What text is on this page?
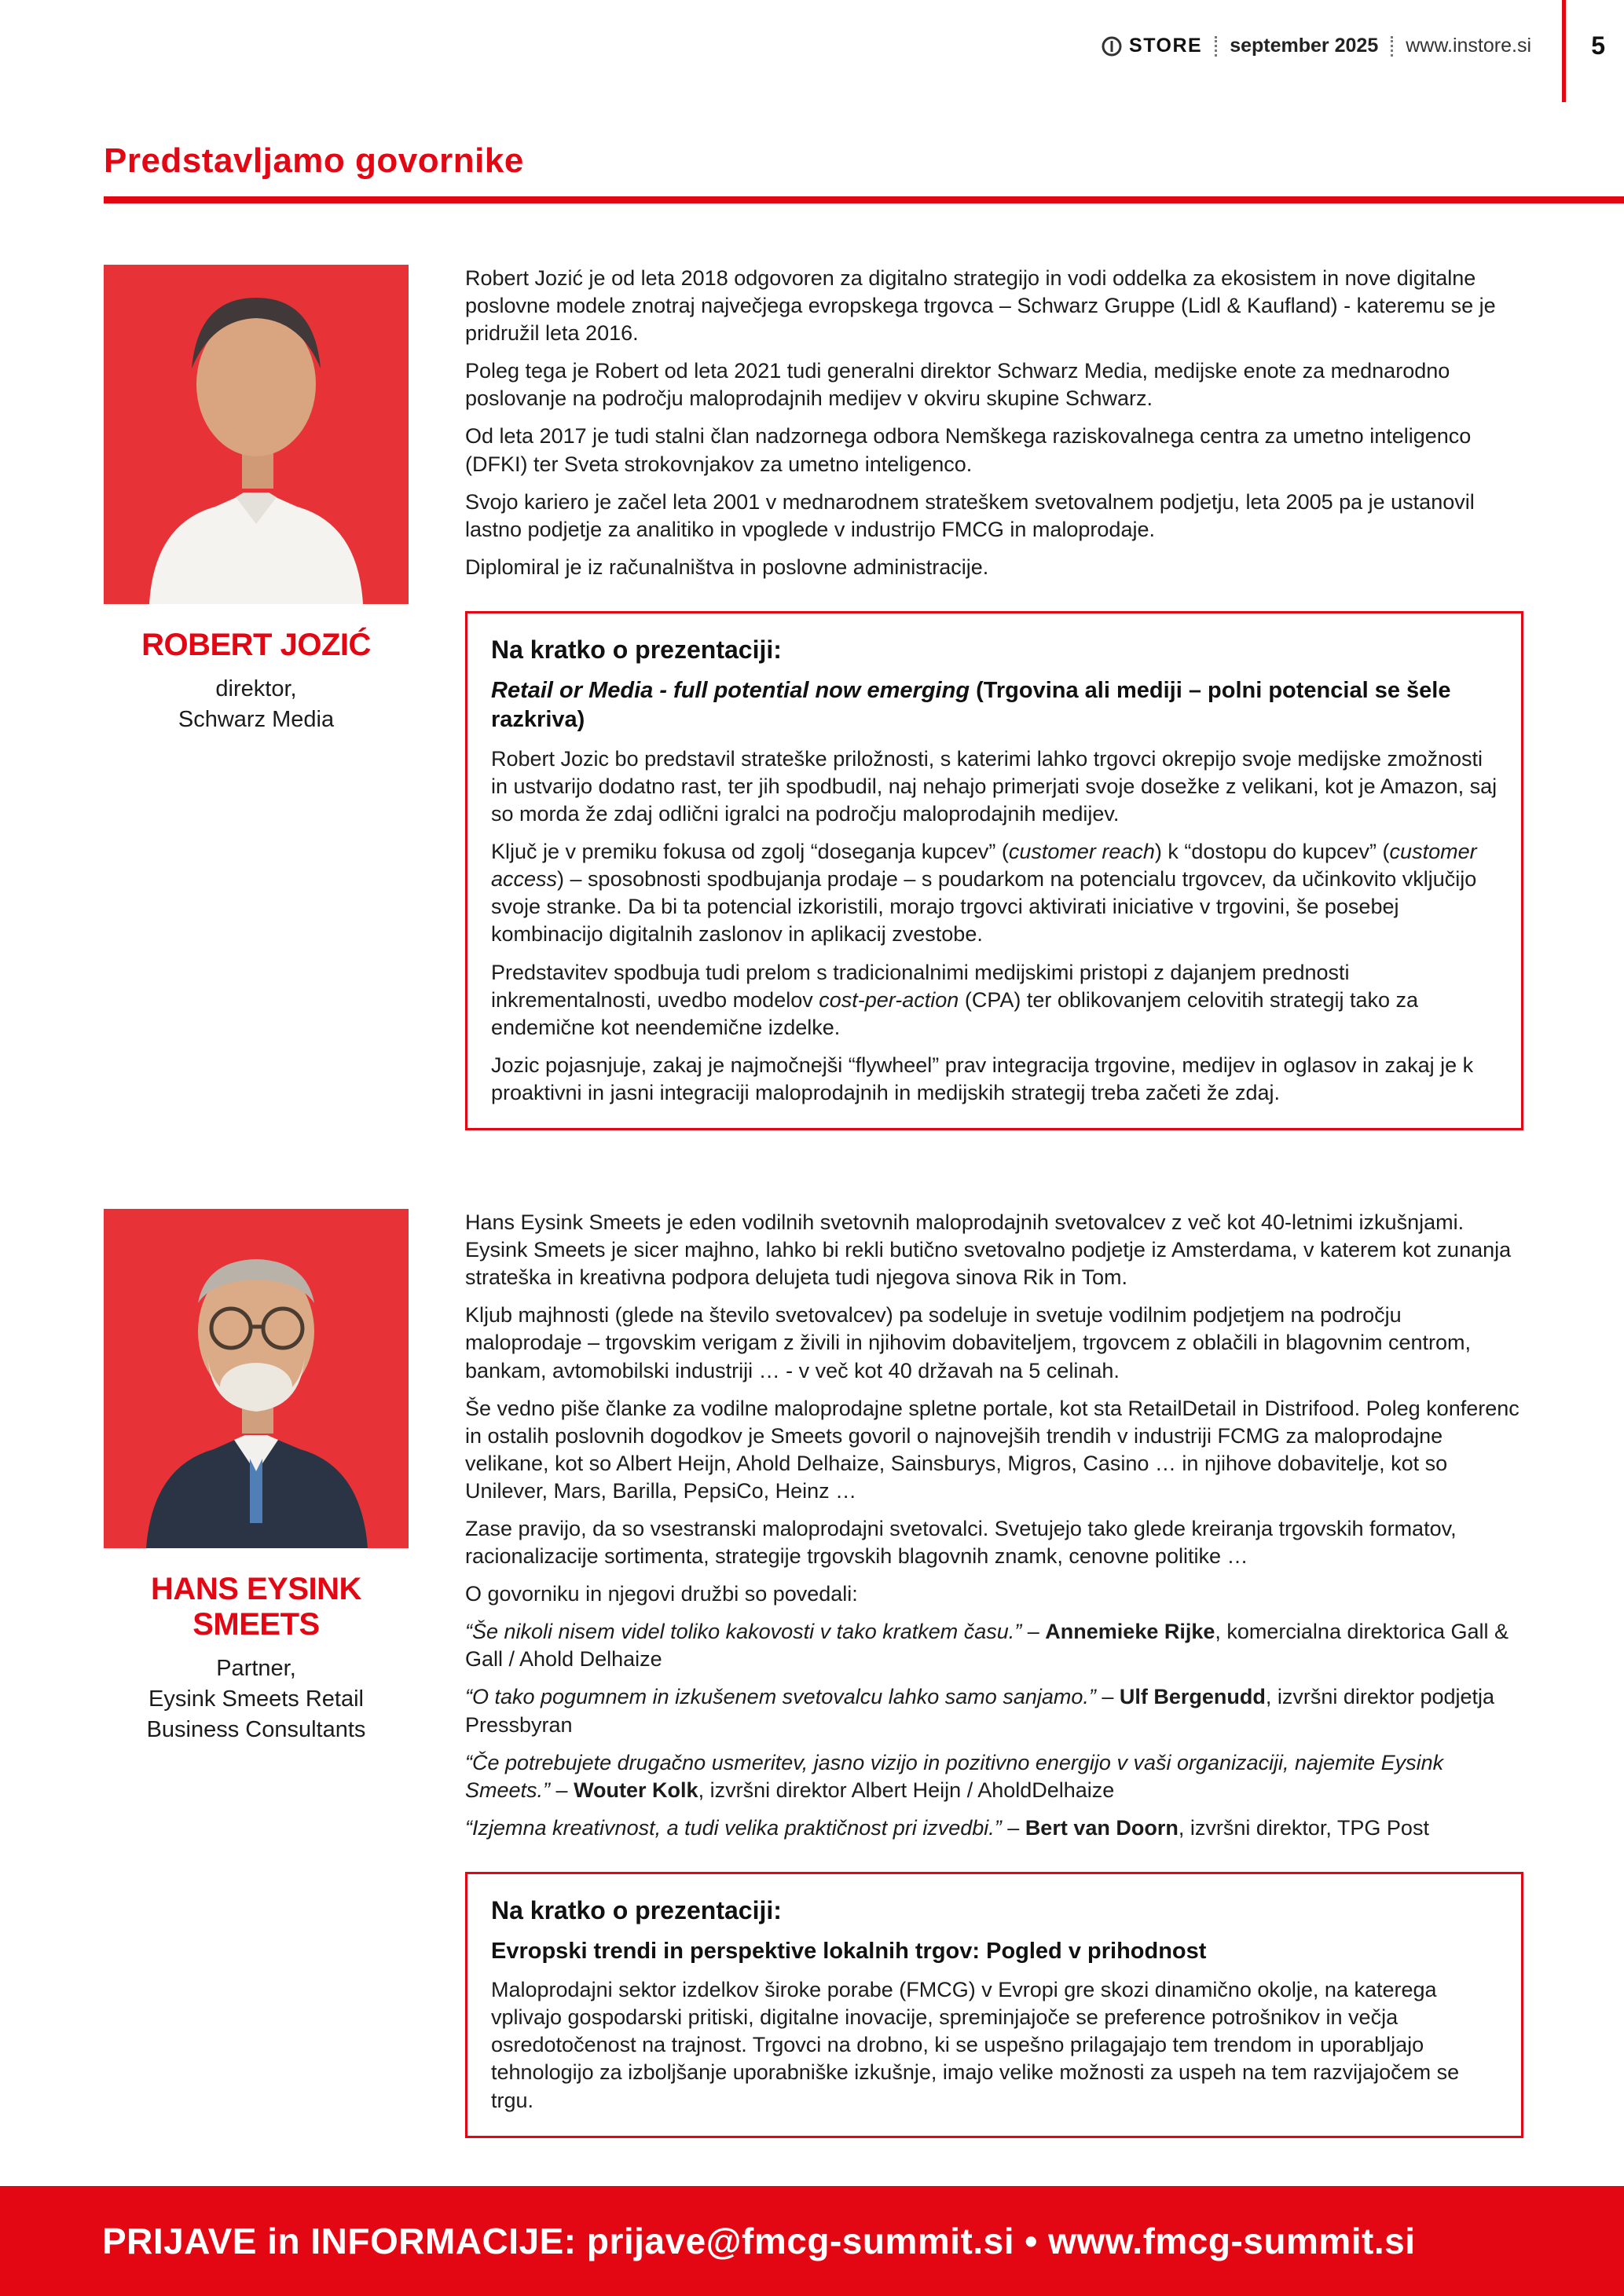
STORE september 2025 www.instore.si 5
Predstavljamo govornike
ROBERT JOZIĆ
direktor,
Schwarz Media

Robert Jozić je od leta 2018 odgovoren za digitalno strategijo in vodi oddelka za ekosistem in nove digitalne poslovne modele znotraj največjega evropskega trgovca – Schwarz Gruppe (Lidl & Kaufland) - kateremu se je pridružil leta 2016.

Poleg tega je Robert od leta 2021 tudi generalni direktor Schwarz Media, medijske enote za mednarodno poslovanje na področju maloprodajnih medijev v okviru skupine Schwarz.

Od leta 2017 je tudi stalni član nadzornega odbora Nemškega raziskovalnega centra za umetno inteligenco (DFKI) ter Sveta strokovnjakov za umetno inteligenco.

Svojo kariero je začel leta 2001 v mednarodnem strateškem svetovalnem podjetju, leta 2005 pa je ustanovil lastno podjetje za analitiko in vpoglede v industrijo FMCG in maloprodaje.

Diplomiral je iz računalništva in poslovne administracije.

Na kratko o prezentaciji:
Retail or Media - full potential now emerging (Trgovina ali mediji – polni potencial se šele razkriva)

Robert Jozic bo predstavil strateške priložnosti, s katerimi lahko trgovci okrepijo svoje medijske zmožnosti in ustvarijo dodatno rast, ter jih spodbudil, naj nehajo primerjati svoje dosežke z velikani, kot je Amazon, saj so morda že zdaj odlični igralci na področju maloprodajnih medijev.

Ključ je v premiku fokusa od zgolj “doseganja kupcev” (customer reach) k “dostopu do kupcev” (customer access) – sposobnosti spodbujanja prodaje – s poudarkom na potencialu trgovcev, da učinkovito vključijo svoje stranke. Da bi ta potencial izkoristili, morajo trgovci aktivirati iniciative v trgovini, še posebej kombinacijo digitalnih zaslonov in aplikacij zvestobe.

Predstavitev spodbuja tudi prelom s tradicionalnimi medijskimi pristopi z dajanjem prednosti inkrementalnosti, uvedbo modelov cost-per-action (CPA) ter oblikovanjem celovitih strategij tako za endemične kot neendemične izdelke.

Jozic pojasnjuje, zakaj je najmočnejši “flywheel” prav integracija trgovine, medijev in oglasov in zakaj je k proaktivni in jasni integraciji maloprodajnih in medijskih strategij treba začeti že zdaj.

HANS EYSINK SMEETS
Partner,
Eysink Smeets Retail Business Consultants

Hans Eysink Smeets je eden vodilnih svetovnih maloprodajnih svetovalcev z več kot 40-letnimi izkušnjami. Eysink Smeets je sicer majhno, lahko bi rekli butično svetovalno podjetje iz Amsterdama, v katerem kot zunanja strateška in kreativna podpora delujeta tudi njegova sinova Rik in Tom.

Kljub majhnosti (glede na število svetovalcev) pa sodeluje in svetuje vodilnim podjetjem na področju maloprodaje – trgovskim verigam z živili in njihovim dobaviteljem, trgovcem z oblačili in blagovnim centrom, bankam, avtomobilski industriji … - v več kot 40 državah na 5 celinah.

Še vedno piše članke za vodilne maloprodajne spletne portale, kot sta RetailDetail in Distrifood. Poleg konferenc in ostalih poslovnih dogodkov je Smeets govoril o najnovejših trendih v industriji FCMG za maloprodajne velikane, kot so Albert Heijn, Ahold Delhaize, Sainsburys, Migros, Casino … in njihove dobavitelje, kot so Unilever, Mars, Barilla, PepsiCo, Heinz …

Zase pravijo, da so vsestranski maloprodajni svetovalci. Svetujejo tako glede kreiranja trgovskih formatov, racionalizacije sortimenta, strategije trgovskih blagovnih znamk, cenovne politike …

O govorniku in njegovi družbi so povedali:

“Še nikoli nisem videl toliko kakovosti v tako kratkem času.” – Annemieke Rijke, komercialna direktorica Gall & Gall / Ahold Delhaize

“O tako pogumnem in izkušenem svetovalcu lahko samo sanjamo.” – Ulf Bergenudd, izvršni direktor podjetja Pressbyran

“Če potrebujete drugačno usmeritev, jasno vizijo in pozitivno energijo v vaši organizaciji, najemite Eysink Smeets.” – Wouter Kolk, izvršni direktor Albert Heijn / AholdDelhaize

“Izjemna kreativnost, a tudi velika praktičnost pri izvedbi.” – Bert van Doorn, izvršni direktor, TPG Post

Na kratko o prezentaciji:
Evropski trendi in perspektive lokalnih trgov: Pogled v prihodnost

Maloprodajni sektor izdelkov široke porabe (FMCG) v Evropi gre skozi dinamično okolje, na katerega vplivajo gospodarski pritiski, digitalne inovacije, spreminjajoče se preference potrošnikov in večja osredotočenost na trajnost. Trgovci na drobno, ki se uspešno prilagajajo tem trendom in uporabljajo tehnologijo za izboljšanje uporabniške izkušnje, imajo velike možnosti za uspeh na tem razvijajočem se trgu.

PRIJAVE in INFORMACIJE: prijave@fmcg-summit.si • www.fmcg-summit.si
